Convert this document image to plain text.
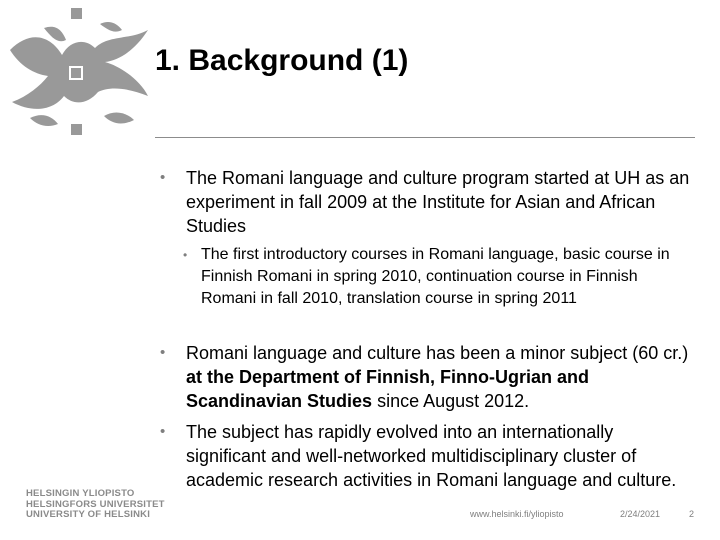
HELSINGIN YLIOPISTO
HELSINGFORS UNIVERSITET
UNIVERSITY OF HELSINKI
1. Background (1)
• The Romani language and culture program started at UH as an experiment in fall 2009 at the Institute for Asian and African Studies
• The first introductory courses in Romani language, basic course in Finnish Romani in spring 2010, continuation course in Finnish Romani in fall 2010, translation course in spring 2011
• Romani language and culture has been a minor subject (60 cr.) at the Department of Finnish, Finno-Ugrian and Scandinavian Studies since August 2012.
• The subject has rapidly evolved into an internationally significant and well-networked multidisciplinary cluster of academic research activities in Romani language and culture.
www.helsinki.fi/yliopisto	2/24/2021	2
